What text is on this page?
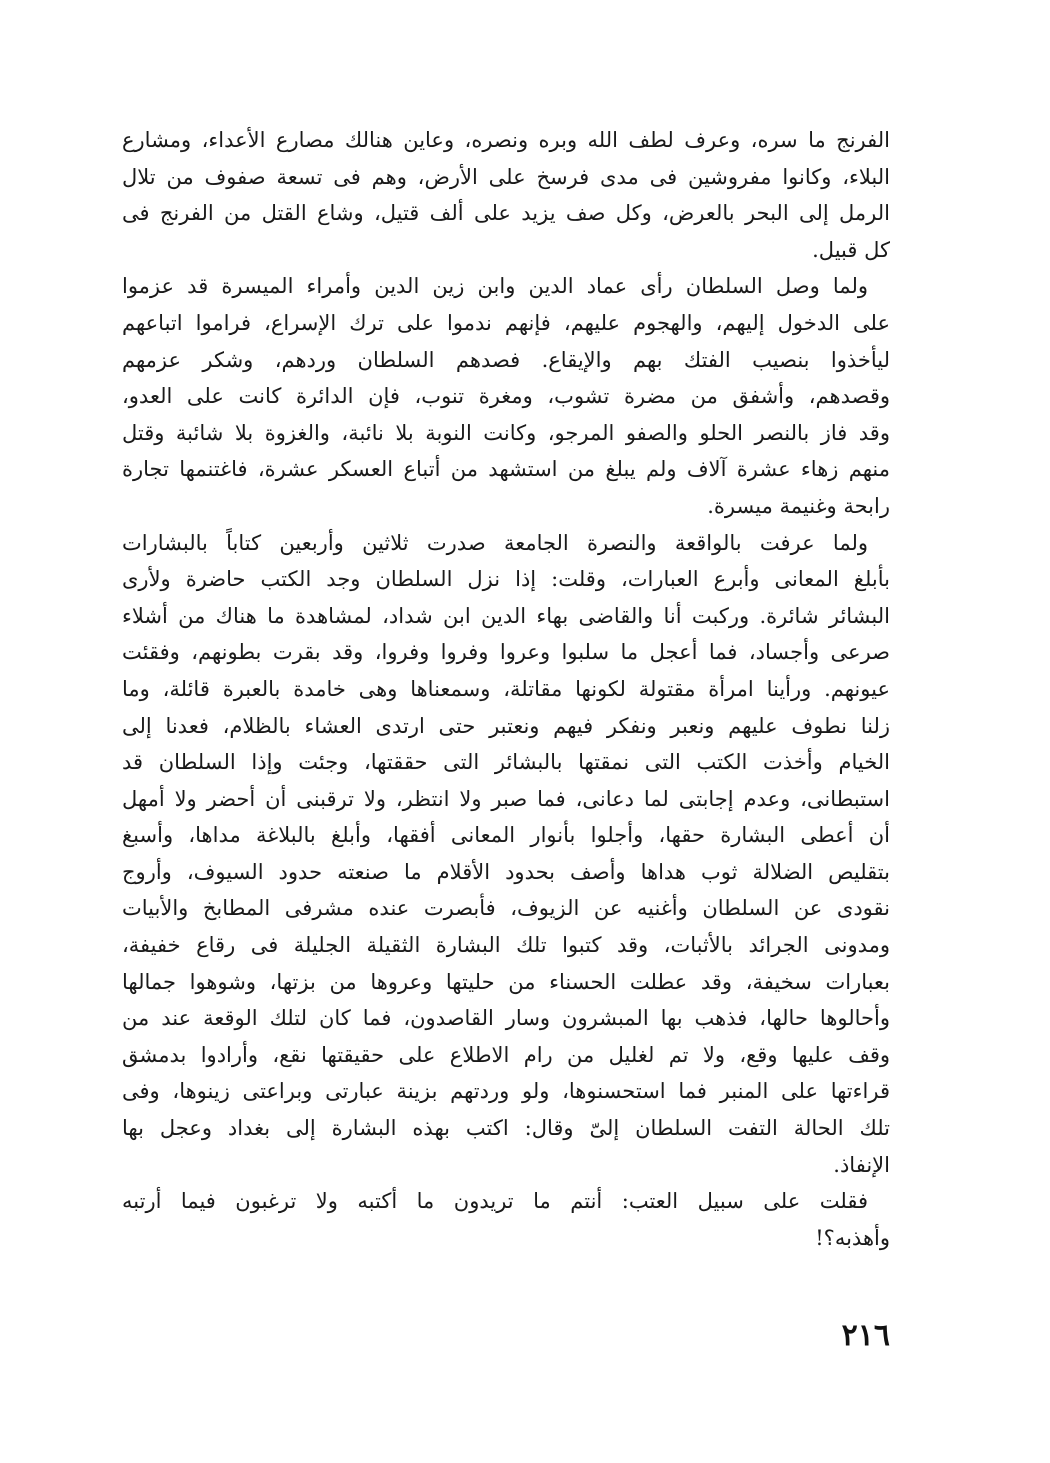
الفرنج ما سره، وعرف لطف الله وبره ونصره، وعاين هنالك مصارع الأعداء، ومشارع
البلاء، وكانوا مفروشين فى مدى فرسخ على الأرض، وهم فى تسعة صفوف من تلال
الرمل إلى البحر بالعرض، وكل صف يزيد على ألف قتيل، وشاع القتل من الفرنج فى
كل قبيل.
ولما وصل السلطان رأى عماد الدين وابن زين الدين وأمراء الميسرة قد عزموا
على الدخول إليهم، والهجوم عليهم، فإنهم ندموا على ترك الإسراع، فراموا اتباعهم
ليأخذوا بنصيب الفتك بهم والإيقاع. فصدهم السلطان وردهم، وشكر عزمهم
وقصدهم، وأشفق من مضرة تشوب، ومغرة تنوب، فإن الدائرة كانت على العدو،
وقد فاز بالنصر الحلو والصفو المرجو، وكانت النوبة بلا نائبة، والغزوة بلا شائبة وقتل
منهم زهاء عشرة آلاف ولم يبلغ من استشهد من أتباع العسكر عشرة، فاغتنمها تجارة
رابحة وغنيمة ميسرة.
ولما عرفت بالواقعة والنصرة الجامعة صدرت ثلاثين وأربعين كتاباً بالبشارات
بأبلغ المعانى وأبرع العبارات، وقلت: إذا نزل السلطان وجد الكتب حاضرة ولأرى
البشائر شائرة. وركبت أنا والقاضى بهاء الدين ابن شداد، لمشاهدة ما هناك من أشلاء
صرعى وأجساد، فما أعجل ما سلبوا وعروا وفروا وفروا، وقد بقرت بطونهم، وفقئت
عيونهم. ورأينا امرأة مقتولة لكونها مقاتلة، وسمعناها وهى خامدة بالعبرة قائلة، وما
زلنا نطوف عليهم ونعبر ونفكر فيهم ونعتبر حتى ارتدى العشاء بالظلام، فعدنا إلى
الخيام وأخذت الكتب التى نمقتها بالبشائر التى حققتها، وجئت وإذا السلطان قد
استبطانى، وعدم إجابتى لما دعانى، فما صبر ولا انتظر، ولا ترقبنى أن أحضر ولا أمهل
أن أعطى البشارة حقها، وأجلوا بأنوار المعانى أفقها، وأبلغ بالبلاغة مداها، وأسبغ
بتقليص الضلالة ثوب هداها وأصف بحدود الأقلام ما صنعته حدود السيوف، وأروج
نقودى عن السلطان وأغنيه عن الزيوف، فأبصرت عنده مشرفى المطابخ والأبيات
ومدونى الجرائد بالأثبات، وقد كتبوا تلك البشارة الثقيلة الجليلة فى رقاع خفيفة،
بعبارات سخيفة، وقد عطلت الحسناء من حليتها وعروها من بزتها، وشوهوا جمالها
وأحالوها حالها، فذهب بها المبشرون وسار القاصدون، فما كان لتلك الوقعة عند من
وقف عليها وقع، ولا تم لغليل من رام الاطلاع على حقيقتها نقع، وأرادوا بدمشق
قراءتها على المنبر فما استحسنوها، ولو وردتهم بزينة عبارتى وبراعتى زينوها، وفى
تلك الحالة التفت السلطان إلىّ وقال: اكتب بهذه البشارة إلى بغداد وعجل بها
الإنفاذ.
فقلت على سبيل العتب: أنتم ما تريدون ما أكتبه ولا ترغبون فيما أرتبه
وأهذبه؟!
٢١٦
